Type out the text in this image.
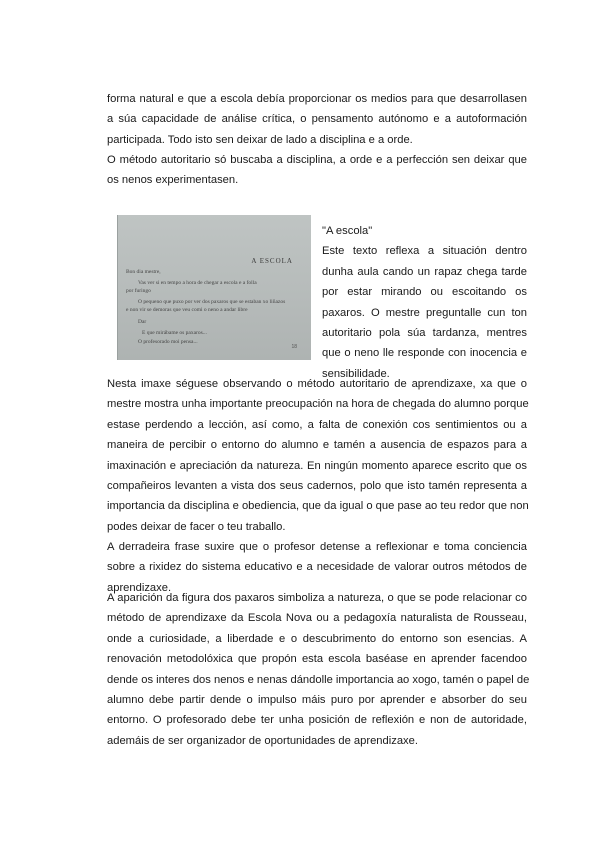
forma natural e que a escola debía proporcionar os medios para que desarrollasen
a súa capacidade de análise crítica, o pensamento autónomo e a autoformación
participada. Todo isto sen deixar de lado a disciplina e a orde.
O método autoritario só buscaba a disciplina, a orde e a perfección sen deixar que
os nenos experimentasen.
A ESCOLA
Bon dia mestre,
Vas ver si en tempo a hora de chegar a escola e a folla
por furingo
O pequeno que puxo por ver dos paxaros que se estaban xo liñazos
e non vir se demoras que veu comi o neno a andar libre
Dar
E que mirábame os paxaros...
O profesorado moi pensa...
18
"A escola"
Este texto reflexa a situación dentro
dunha aula cando un rapaz chega tarde
por estar mirando ou escoitando os
paxaros. O mestre preguntalle cun ton
autoritario pola súa tardanza, mentres
que o neno lle responde con inocencia e
sensibilidade.
Nesta imaxe séguese observando o método autoritario de aprendizaxe, xa que o
mestre mostra unha importante preocupación na hora de chegada do alumno porque
estase perdendo a lección, así como, a falta de conexión cos sentimientos ou a
maneira de percibir o entorno do alumno e tamén a ausencia de espazos para a
imaxinación e apreciación da natureza. En ningún momento aparece escrito que os
compañeiros levanten a vista dos seus cadernos, polo que isto tamén representa a
importancia da disciplina e obediencia, que da igual o que pase ao teu redor que non
podes deixar de facer o teu traballo.
A derradeira frase suxire que o profesor detense a reflexionar e toma conciencia
sobre a rixidez do sistema educativo e a necesidade de valorar outros métodos de
aprendizaxe.
A aparición da figura dos paxaros simboliza a natureza, o que se pode relacionar co
método de aprendizaxe da Escola Nova ou a pedagoxía naturalista de Rousseau,
onde a curiosidade, a liberdade e o descubrimento do entorno son esencias. A
renovación metodolóxica que propón esta escola baséase en aprender facendoo
dende os interes dos nenos e nenas dándolle importancia ao xogo, tamén o papel de
alumno debe partir dende o impulso máis puro por aprender e absorber do seu
entorno. O profesorado debe ter unha posición de reflexión e non de autoridade,
ademáis de ser organizador de oportunidades de aprendizaxe.
